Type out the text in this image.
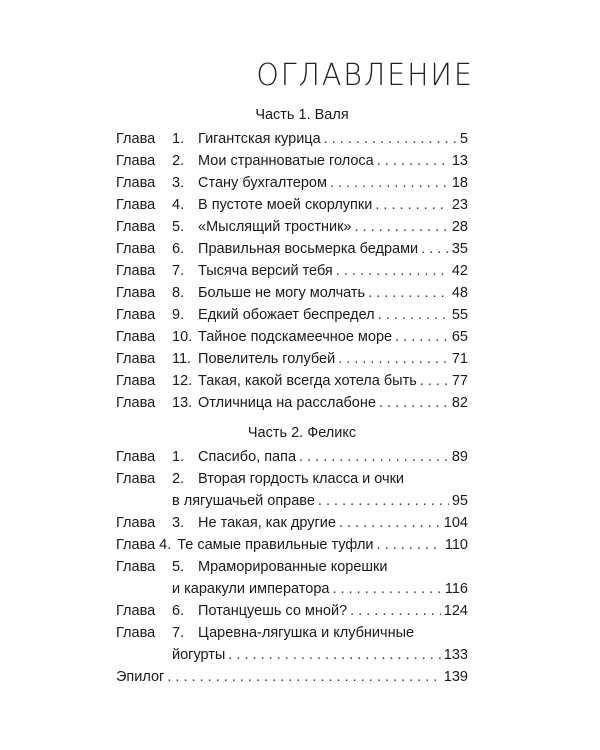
ОГЛАВЛЕНИЕ
Часть 1. Валя
Глава 1. Гигантская курица . . .	5
Глава 2. Мои странноватые голоса . . .	13
Глава 3. Стану бухгалтером . . .	18
Глава 4. В пустоте моей скорлупки . . .	23
Глава 5. «Мыслящий тростник» . . .	28
Глава 6. Правильная восьмерка бедрами . . . 35
Глава 7. Тысяча версий тебя . . .	42
Глава 8. Больше не могу молчать . . .	48
Глава 9. Едкий обожает беспредел . . .	55
Глава 10. Тайное подскамеечное море . . .	65
Глава 11. Повелитель голубей . . .	71
Глава 12. Такая, какой всегда хотела быть . . . 77
Глава 13. Отличница на расслабоне . . .	82
Часть 2. Феликс
Глава 1. Спасибо, папа . . .	89
Глава 2. Вторая гордость класса и очки
в лягушачьей оправе . . .	95
Глава 3. Не такая, как другие . . .	104
Глава 4. Те самые правильные туфли . . .	110
Глава 5. Мраморированные корешки
и каракули императора . . .	116
Глава 6. Потанцуешь со мной? . . .	124
Глава 7. Царевна-лягушка и клубничные
йогурты . . .	133
Эпилог . . .	139
